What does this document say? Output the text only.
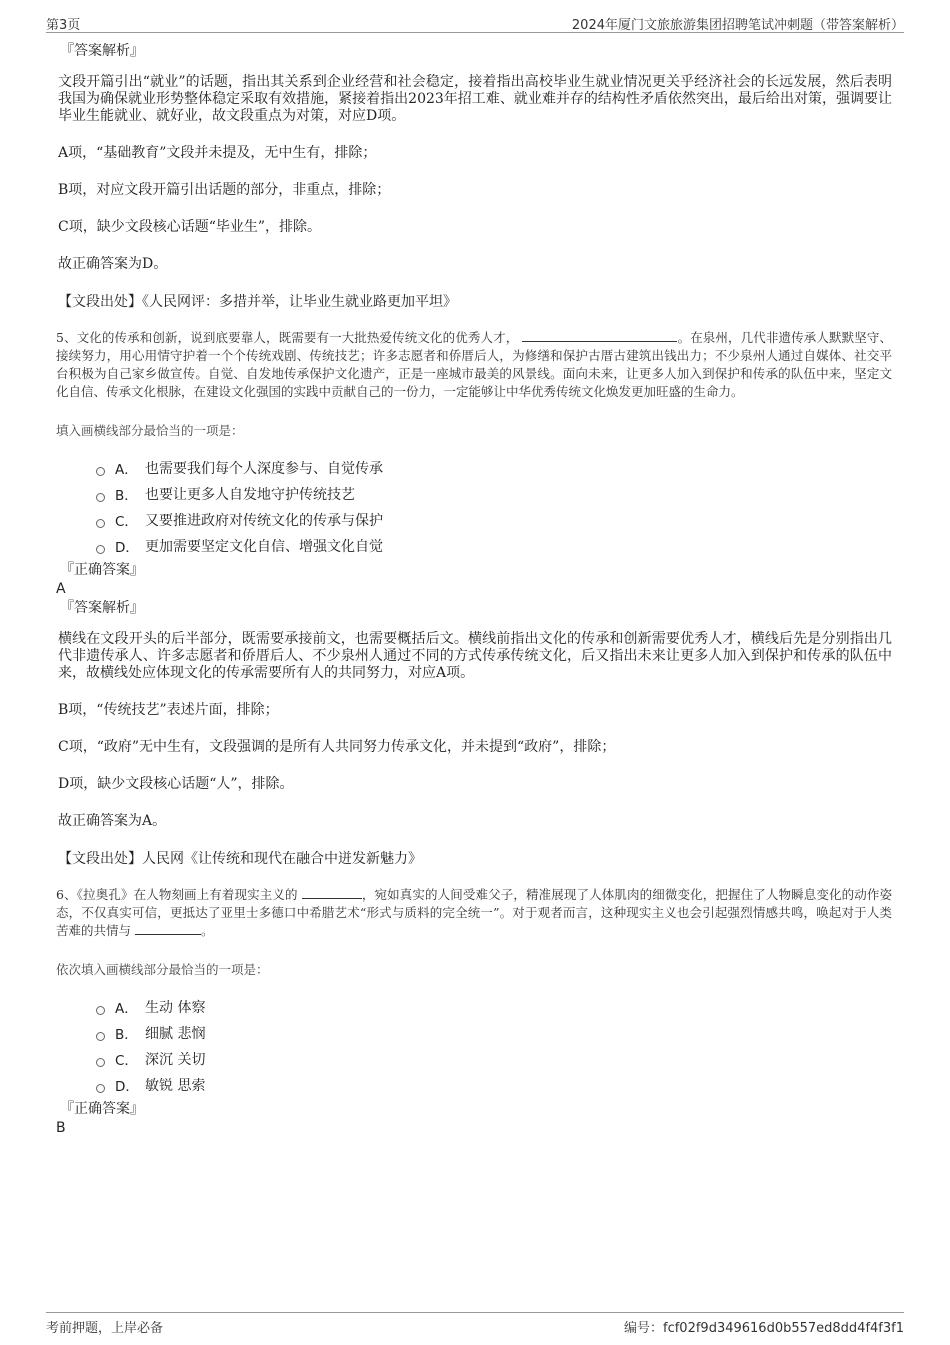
第3页	2024年厦门文旅旅游集团招聘笔试冲刺题（带答案解析）
『答案解析』
文段开篇引出“就业”的话题，指出其关系到企业经营和社会稳定，接着指出高校毕业生就业情况更关乎经济社会的长远发展，然后表明我国为确保就业形势整体稳定采取有效措施，紧接着指出2023年招工难、就业难并存的结构性矛盾依然突出，最后给出对策，强调要让毕业生能就业、就好业，故文段重点为对策，对应D项。
A项，“基础教育”文段并未提及，无中生有，排除；
B项，对应文段开篇引出话题的部分，非重点，排除；
C项，缺少文段核心话题“毕业生”，排除。
故正确答案为D。
【文段出处】《人民网评：多措并举，让毕业生就业路更加平坦》
5、文化的传承和创新，说到底要靠人，既需要有一大批热爱传统文化的优秀人才，	。在泉州，几代非遗传承人默默坚守、接续努力，用心用情守护着一个个传统戏剧、传统技艺；许多志愿者和侨厝后人，为修缮和保护古厝古建筑出钱出力；不少泉州人通过自媒体、社交平台积极为自己家乡做宣传。自觉、自发地传承保护文化遗产，正是一座城市最美的风景线。面向未来，让更多人加入到保护和传承的队伍中来，坚定文化自信、传承文化根脉，在建设文化强国的实践中贡献自己的一份力，一定能够让中华优秀传统文化焕发更加旺盛的生命力。
填入画横线部分最恰当的一项是：
A． 也需要我们每个人深度参与、自觉传承
B． 也要让更多人自发地守护传统技艺
C． 又要推进政府对传统文化的传承与保护
D． 更加需要坚定文化自信、增强文化自觉
『正确答案』
A
『答案解析』
横线在文段开头的后半部分，既需要承接前文，也需要概括后文。横线前指出文化的传承和创新需要优秀人才，横线后先是分别指出几代非遗传承人、许多志愿者和侨厝后人、不少泉州人通过不同的方式传承传统文化，后又指出未来让更多人加入到保护和传承的队伍中来，故横线处应体现文化的传承需要所有人的共同努力，对应A项。
B项，“传统技艺”表述片面，排除；
C项，“政府”无中生有，文段强调的是所有人共同努力传承文化，并未提到“政府”，排除；
D项，缺少文段核心话题“人”，排除。
故正确答案为A。
【文段出处】人民网《让传统和现代在融合中迸发新魅力》
6、《拉奥孔》在人物刻画上有着现实主义的	，宛如真实的人间受难父子，精准展现了人体肌肉的细微变化，把握住了人物瞬息变化的动作姿态，不仅真实可信，更抵达了亚里士多德口中希腊艺术“形式与质料的完全统一”。对于观者而言，这种现实主义也会引起强烈情感共鸣，唤起对于人类苦难的共情与	。
依次填入画横线部分最恰当的一项是：
A． 生动 体察
B． 细腻 悲悯
C． 深沉 关切
D． 敏锐 思索
『正确答案』
B
考前押题，上岸必备	编号：fcf02f9d349616d0b557ed8dd4f4f3f1
